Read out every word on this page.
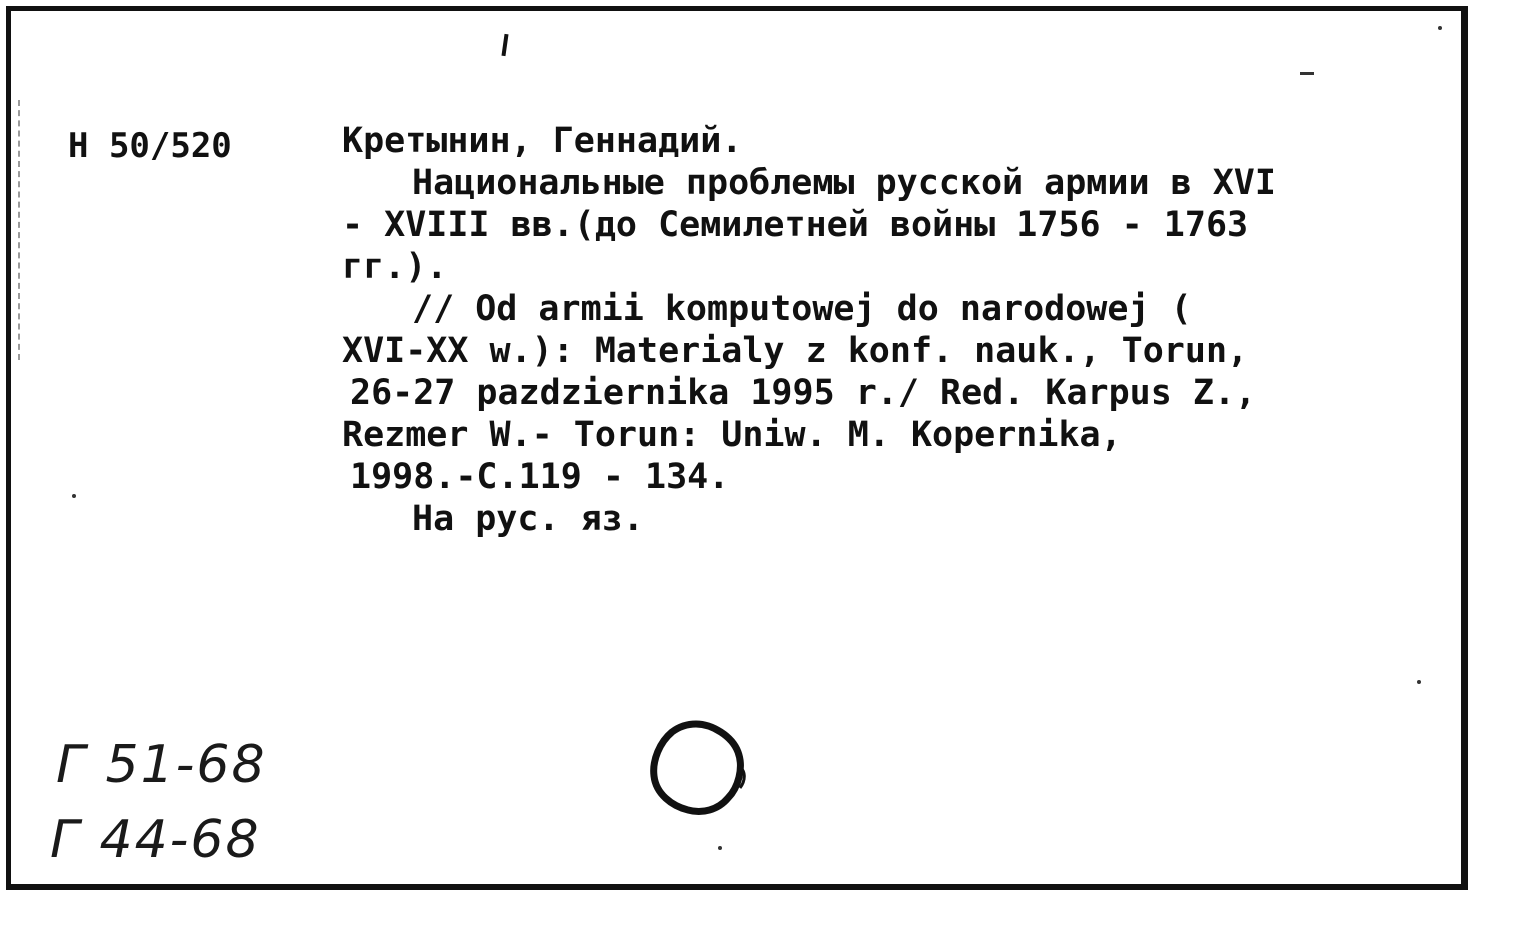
Н 50/520	Кретынин, Геннадий.
Национальные проблемы русской армии в XVI
- XVIII вв.(до Семилетней войны 1756 - 1763
гг.).
// Od armii komputowej do narodowej (
XVI-XX w.): Materialy z konf. nauk., Torun,
26-27 pazdziernika 1995 r./ Red. Karpus Z.,
Rezmer W.- Torun: Uniw. M. Kopernika,
1998.-C.119 - 134.
На рус. яз.
Г 51-68
Г 44-68
